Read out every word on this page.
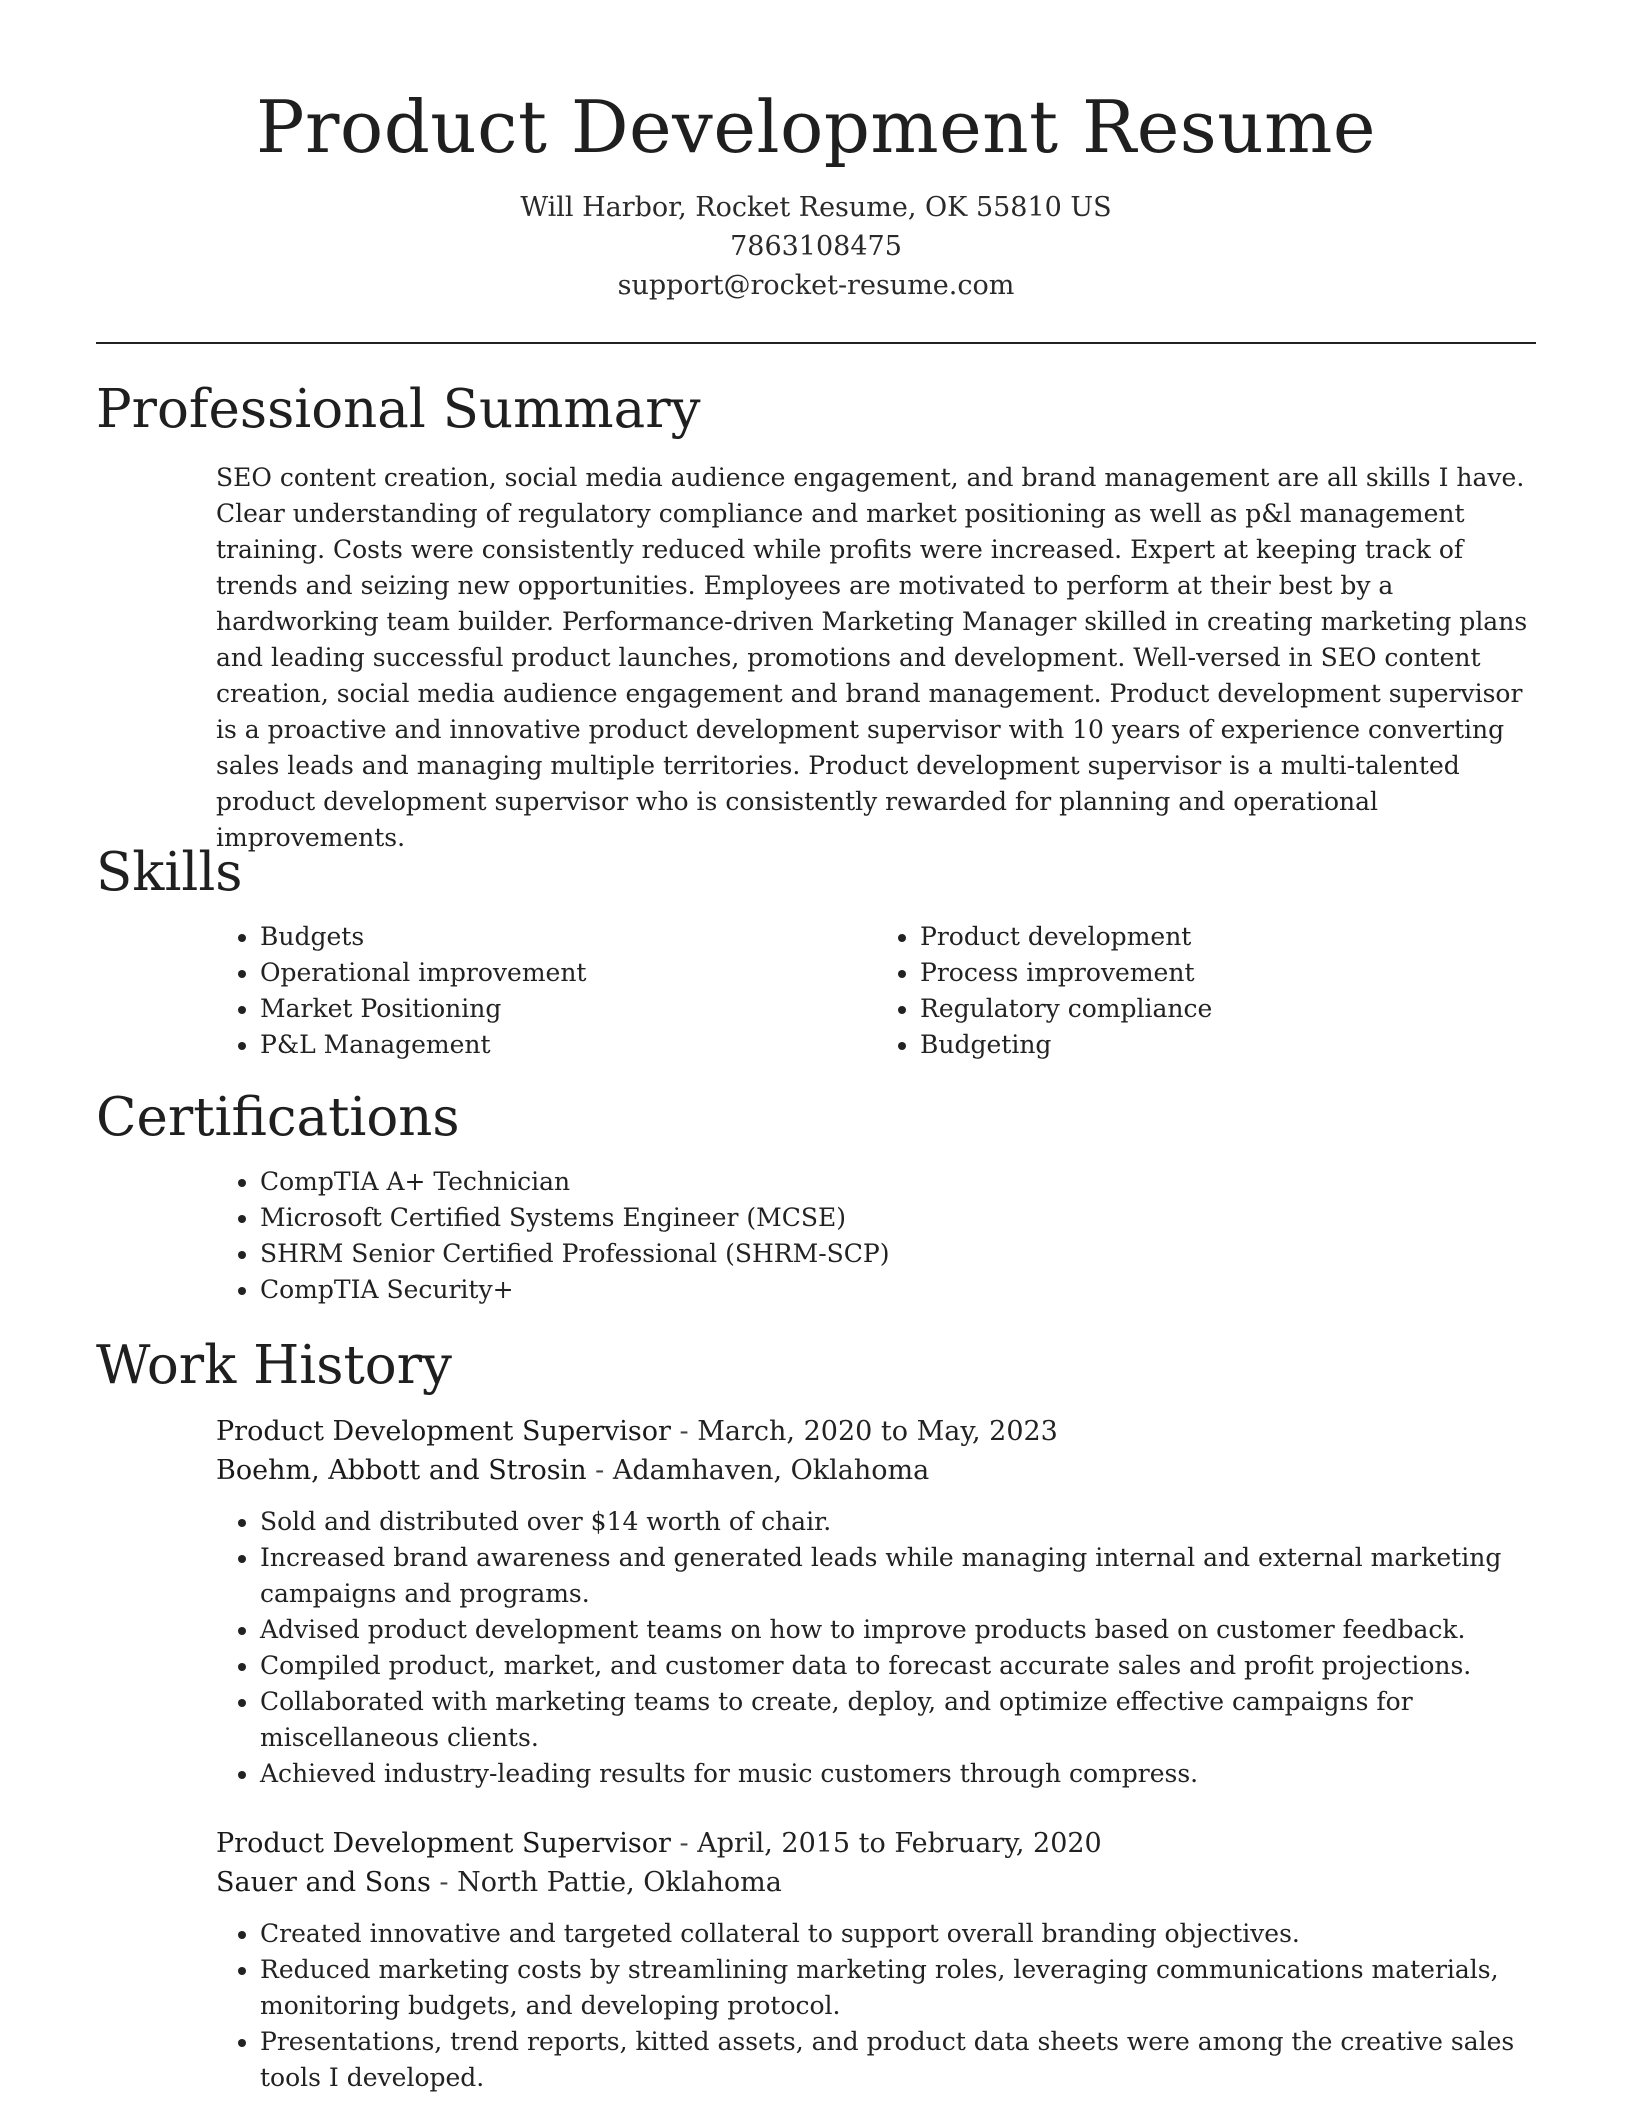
Product Development Resume
Will Harbor, Rocket Resume, OK 55810 US
7863108475
support@rocket-resume.com
Professional Summary

SEO content creation, social media audience engagement, and brand management are all skills I have. Clear understanding of regulatory compliance and market positioning as well as p&l management training. Costs were consistently reduced while profits were increased. Expert at keeping track of trends and seizing new opportunities. Employees are motivated to perform at their best by a hardworking team builder. Performance-driven Marketing Manager skilled in creating marketing plans and leading successful product launches, promotions and development. Well-versed in SEO content creation, social media audience engagement and brand management. Product development supervisor is a proactive and innovative product development supervisor with 10 years of experience converting sales leads and managing multiple territories. Product development supervisor is a multi-talented product development supervisor who is consistently rewarded for planning and operational improvements.

Skills
• Budgets
• Operational improvement
• Market Positioning
• P&L Management
• Product development
• Process improvement
• Regulatory compliance
• Budgeting
Certifications
• CompTIA A+ Technician
• Microsoft Certified Systems Engineer (MCSE)
• SHRM Senior Certified Professional (SHRM-SCP)
• CompTIA Security+
Work History
Product Development Supervisor - March, 2020 to May, 2023
Boehm, Abbott and Strosin - Adamhaven, Oklahoma
• Sold and distributed over $14 worth of chair.
• Increased brand awareness and generated leads while managing internal and external marketing campaigns and programs.
• Advised product development teams on how to improve products based on customer feedback.
• Compiled product, market, and customer data to forecast accurate sales and profit projections.
• Collaborated with marketing teams to create, deploy, and optimize effective campaigns for miscellaneous clients.
• Achieved industry-leading results for music customers through compress.
Product Development Supervisor - April, 2015 to February, 2020
Sauer and Sons - North Pattie, Oklahoma
• Created innovative and targeted collateral to support overall branding objectives.
• Reduced marketing costs by streamlining marketing roles, leveraging communications materials, monitoring budgets, and developing protocol.
• Presentations, trend reports, kitted assets, and product data sheets were among the creative sales tools I developed.
